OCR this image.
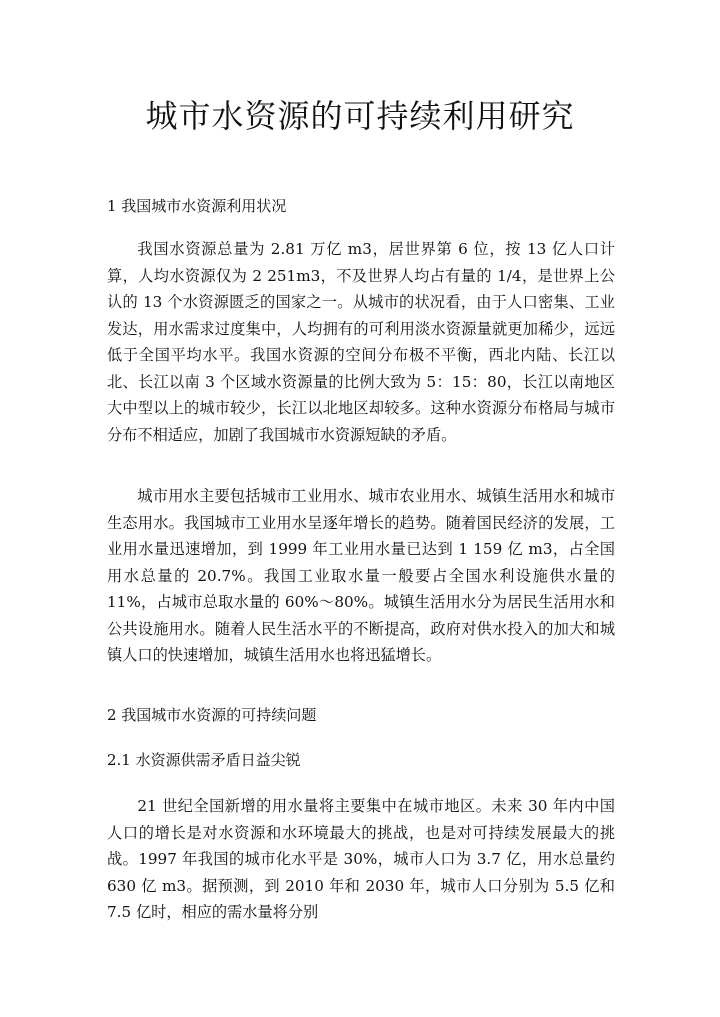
城市水资源的可持续利用研究

1 我国城市水资源利用状况

我国水资源总量为 2.81 万亿 m3，居世界第 6 位，按 13 亿人口计算，人均水资源仅为 2 251m3，不及世界人均占有量的 1/4，是世界上公认的 13 个水资源匮乏的国家之一。从城市的状况看，由于人口密集、工业发达，用水需求过度集中，人均拥有的可利用淡水资源量就更加稀少，远远低于全国平均水平。我国水资源的空间分布极不平衡，西北内陆、长江以北、长江以南 3 个区域水资源量的比例大致为 5：15：80，长江以南地区大中型以上的城市较少，长江以北地区却较多。这种水资源分布格局与城市分布不相适应，加剧了我国城市水资源短缺的矛盾。

城市用水主要包括城市工业用水、城市农业用水、城镇生活用水和城市生态用水。我国城市工业用水呈逐年增长的趋势。随着国民经济的发展，工业用水量迅速增加，到 1999 年工业用水量已达到 1 159 亿 m3，占全国用水总量的 20.7%。我国工业取水量一般要占全国水利设施供水量的 11%，占城市总取水量的 60%～80%。城镇生活用水分为居民生活用水和公共设施用水。随着人民生活水平的不断提高，政府对供水投入的加大和城镇人口的快速增加，城镇生活用水也将迅猛增长。

2 我国城市水资源的可持续问题

2.1 水资源供需矛盾日益尖锐

21 世纪全国新增的用水量将主要集中在城市地区。未来 30 年内中国人口的增长是对水资源和水环境最大的挑战，也是对可持续发展最大的挑战。1997 年我国的城市化水平是 30%，城市人口为 3.7 亿，用水总量约 630 亿 m3。据预测，到 2010 年和 2030 年，城市人口分别为 5.5 亿和 7.5 亿时，相应的需水量将分别
